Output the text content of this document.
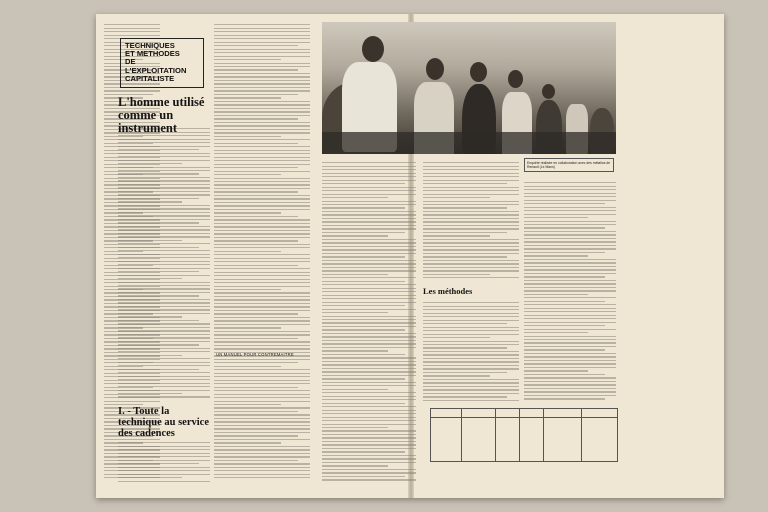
TECHNIQUES
ET METHODES
DE L'EXPLOITATION
CAPITALISTE
L'homme utilisé comme un instrument
I. - Toute la technique au service des cadences
UN MANUEL POUR CONTREMAITRE
Les méthodes
Enquête réalisée en collaboration avec des métallos de Renault (Le Mans)
